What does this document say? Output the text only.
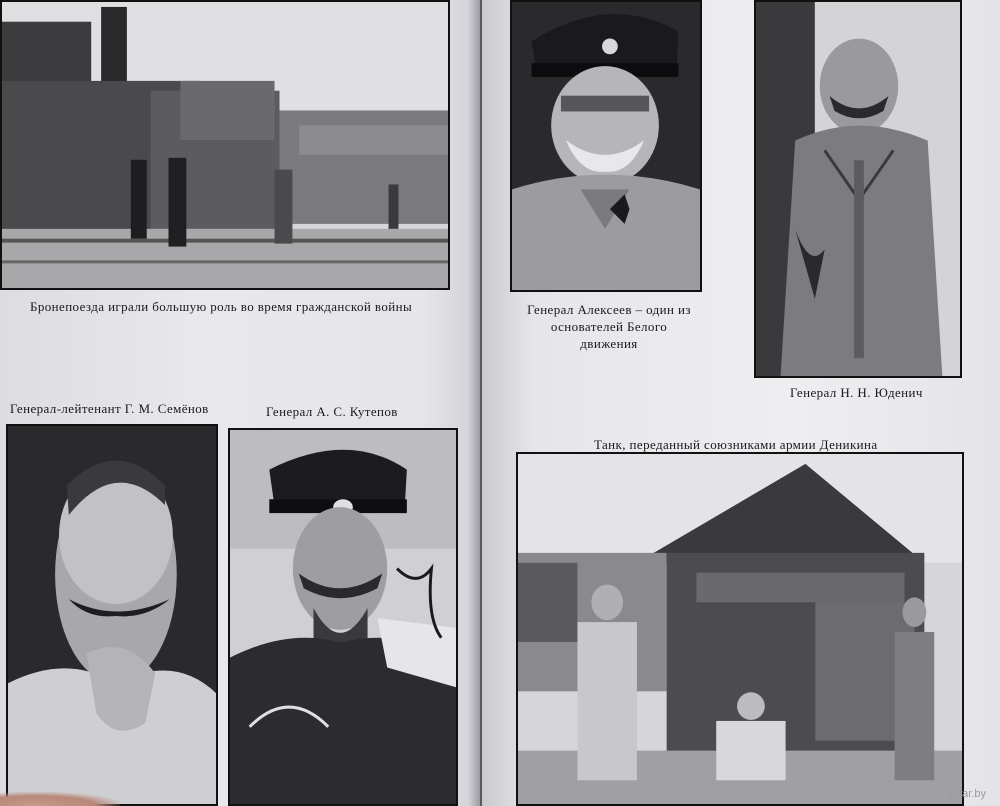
Бронепоезда играли большую роль во время гражданской войны
Генерал-лейтенант Г. М. Семёнов	Генерал А. С. Кутепов
Генерал Алексеев – один из
основателей Белого
движения
Генерал Н. Н. Юденич
Танк, переданный союзниками армии Деникина
kufar.by
